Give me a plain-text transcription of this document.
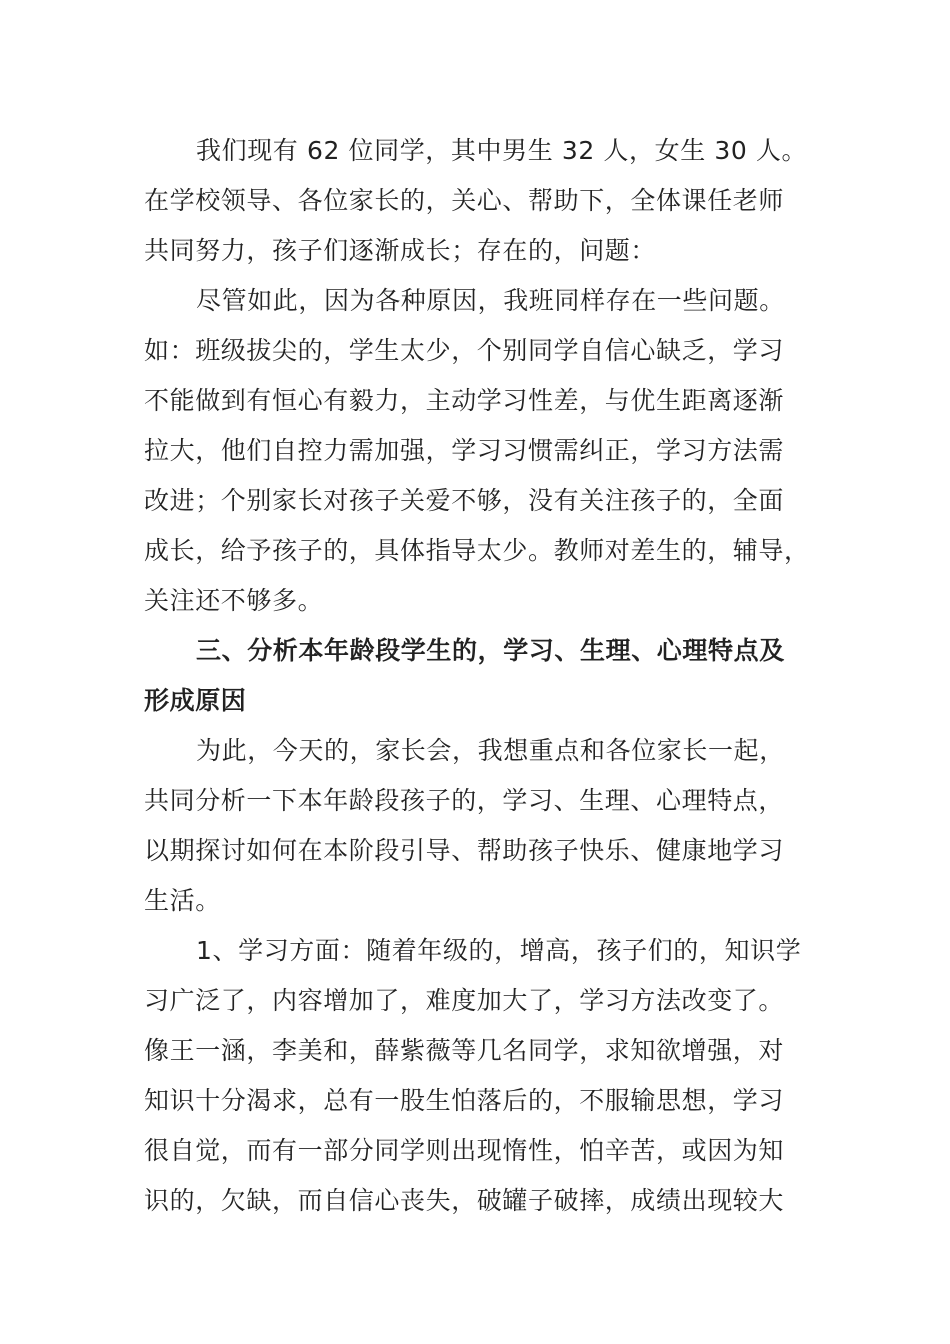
我们现有 62 位同学，其中男生 32 人，女生 30 人。
在学校领导、各位家长的，关心、帮助下，全体课任老师
共同努力，孩子们逐渐成长；存在的，问题：
尽管如此，因为各种原因，我班同样存在一些问题。
如：班级拔尖的，学生太少，个别同学自信心缺乏，学习
不能做到有恒心有毅力，主动学习性差，与优生距离逐渐
拉大，他们自控力需加强，学习习惯需纠正，学习方法需
改进；个别家长对孩子关爱不够，没有关注孩子的，全面
成长，给予孩子的，具体指导太少。教师对差生的，辅导，
关注还不够多。
三、分析本年龄段学生的，学习、生理、心理特点及
形成原因
为此，今天的，家长会，我想重点和各位家长一起，
共同分析一下本年龄段孩子的，学习、生理、心理特点，
以期探讨如何在本阶段引导、帮助孩子快乐、健康地学习
生活。
1、学习方面：随着年级的，增高，孩子们的，知识学
习广泛了，内容增加了，难度加大了，学习方法改变了。
像王一涵，李美和，薛紫薇等几名同学，求知欲增强，对
知识十分渴求，总有一股生怕落后的，不服输思想，学习
很自觉，而有一部分同学则出现惰性，怕辛苦，或因为知
识的，欠缺，而自信心丧失，破罐子破摔，成绩出现较大
